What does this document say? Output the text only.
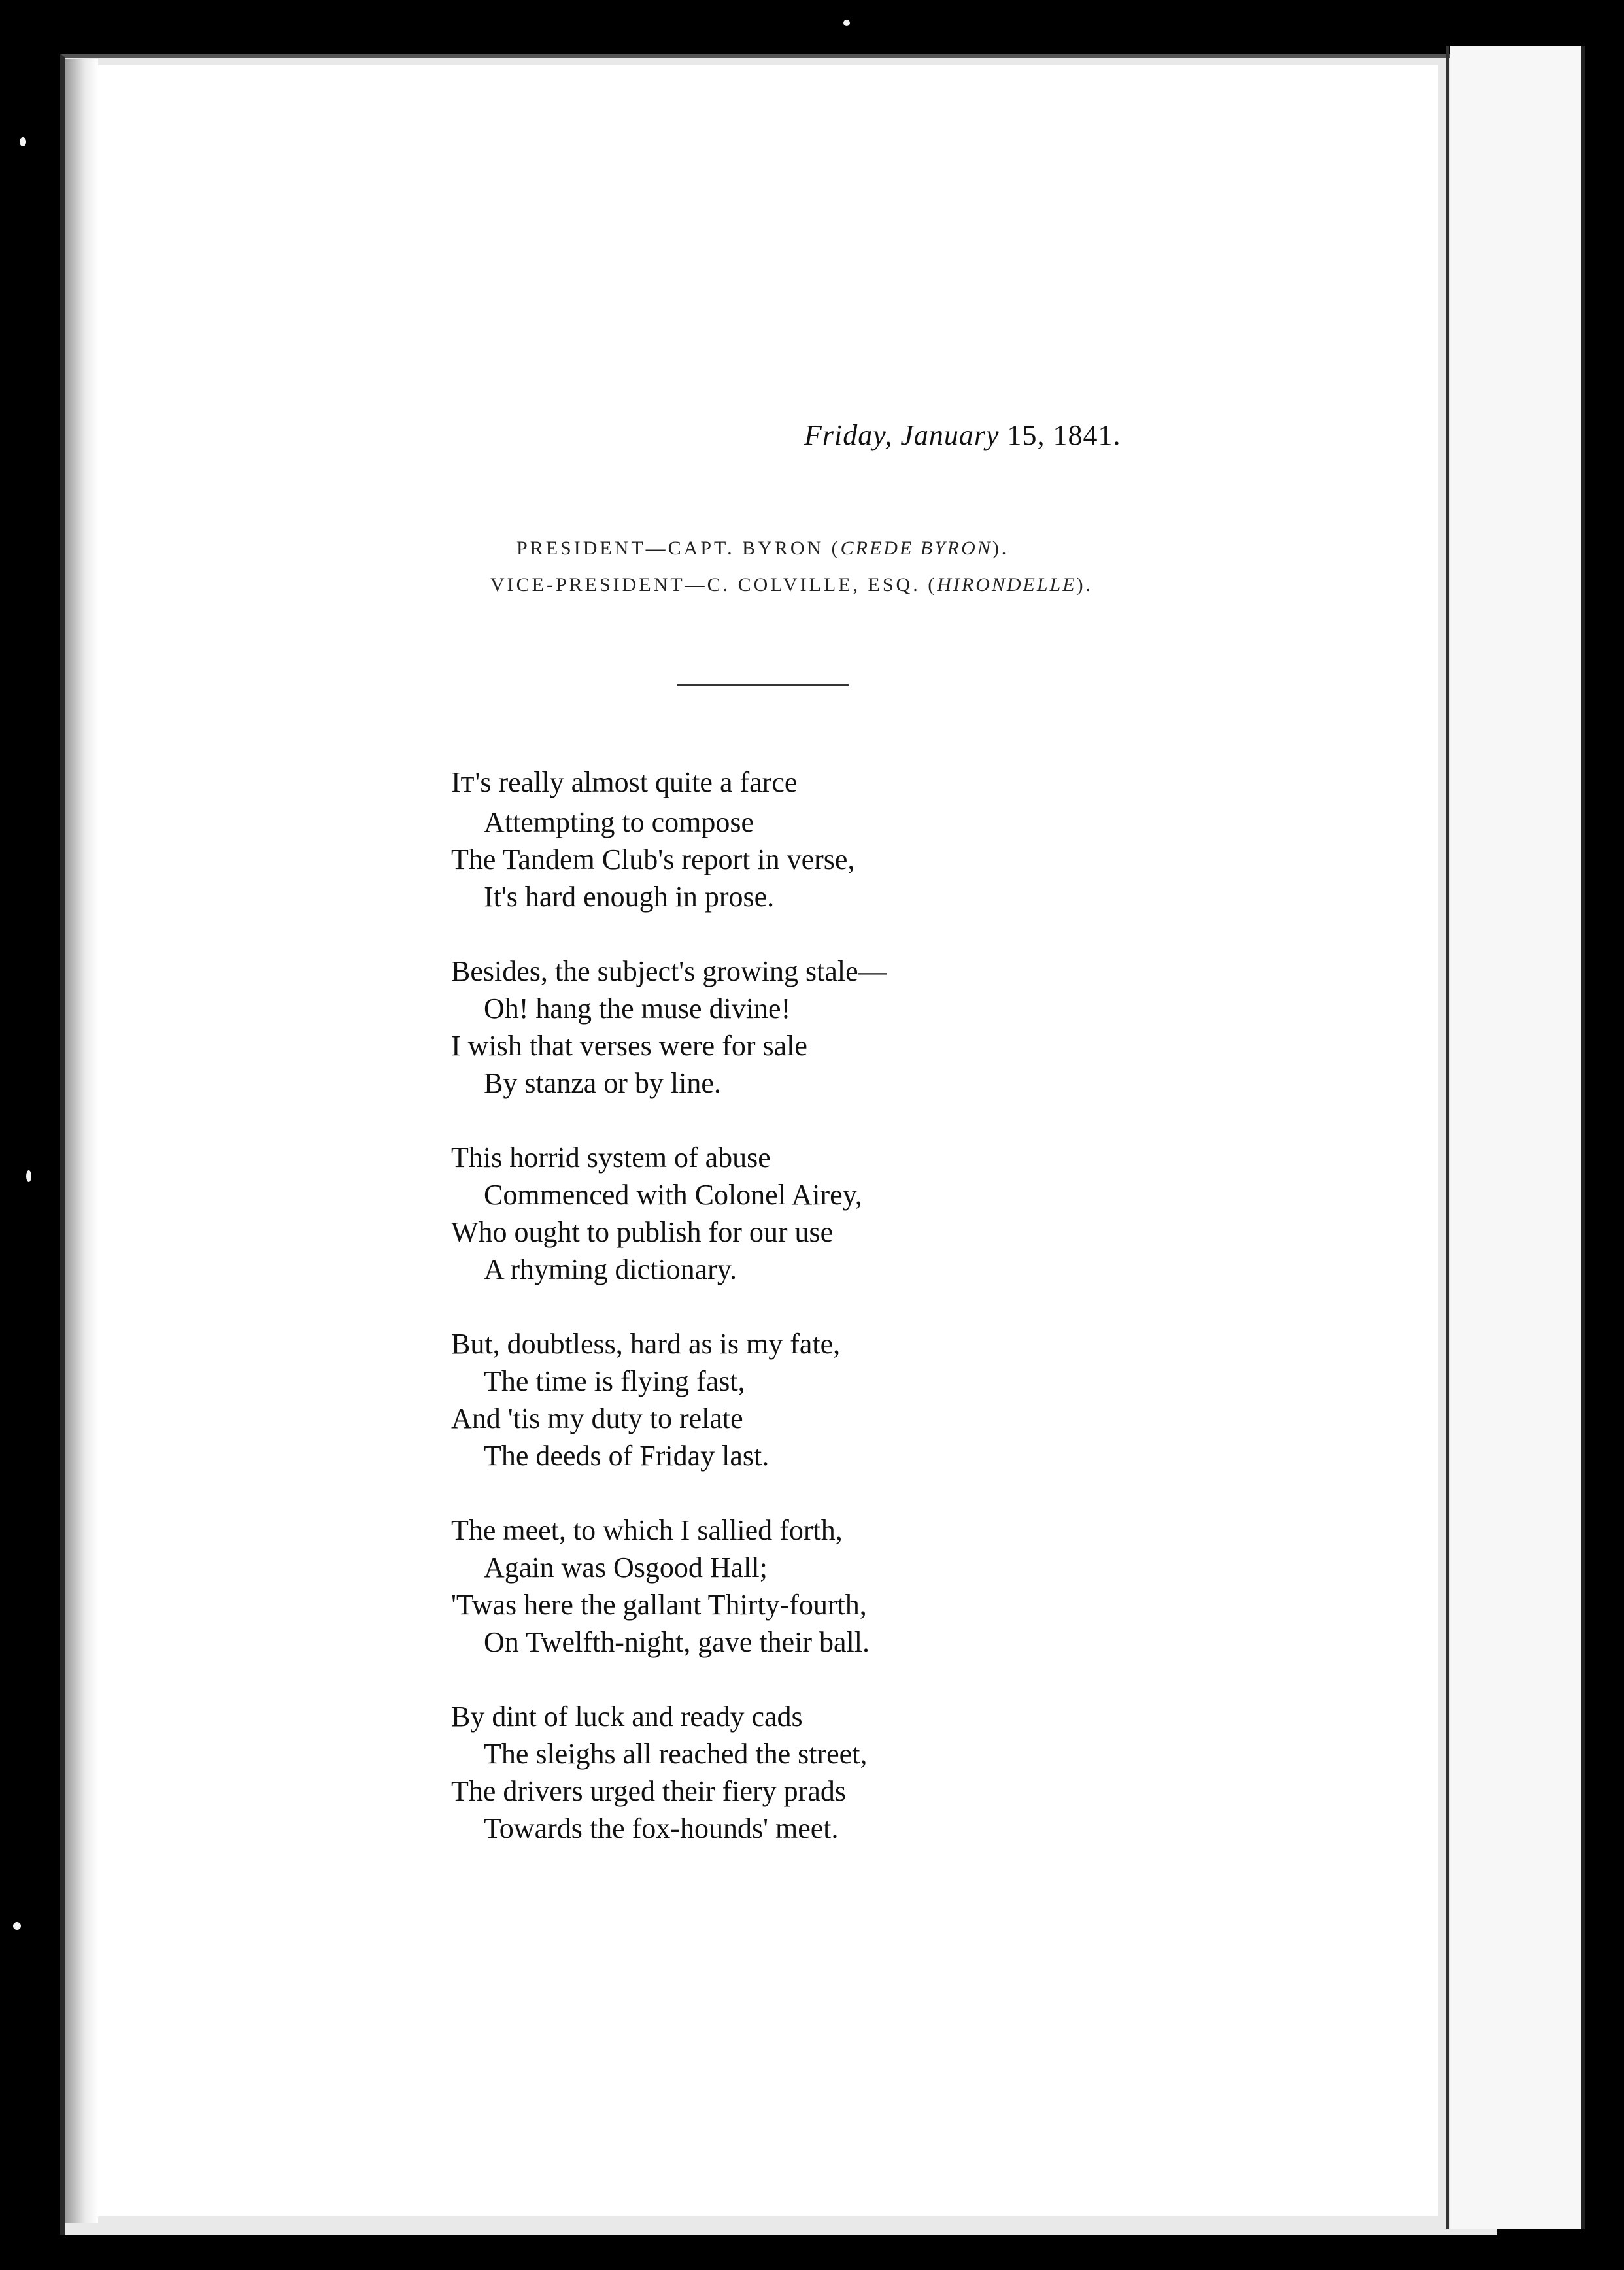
Friday, January 15, 1841.
PRESIDENT—CAPT. BYRON (CREDE BYRON).
VICE-PRESIDENT—C. COLVILLE, ESQ. (HIRONDELLE).
IT's really almost quite a farce
Attempting to compose
The Tandem Club's report in verse,
It's hard enough in prose.
Besides, the subject's growing stale—
Oh! hang the muse divine!
I wish that verses were for sale
By stanza or by line.
This horrid system of abuse
Commenced with Colonel Airey,
Who ought to publish for our use
A rhyming dictionary.
But, doubtless, hard as is my fate,
The time is flying fast,
And 'tis my duty to relate
The deeds of Friday last.
The meet, to which I sallied forth,
Again was Osgood Hall;
'Twas here the gallant Thirty-fourth,
On Twelfth-night, gave their ball.
By dint of luck and ready cads
The sleighs all reached the street,
The drivers urged their fiery prads
Towards the fox-hounds' meet.
